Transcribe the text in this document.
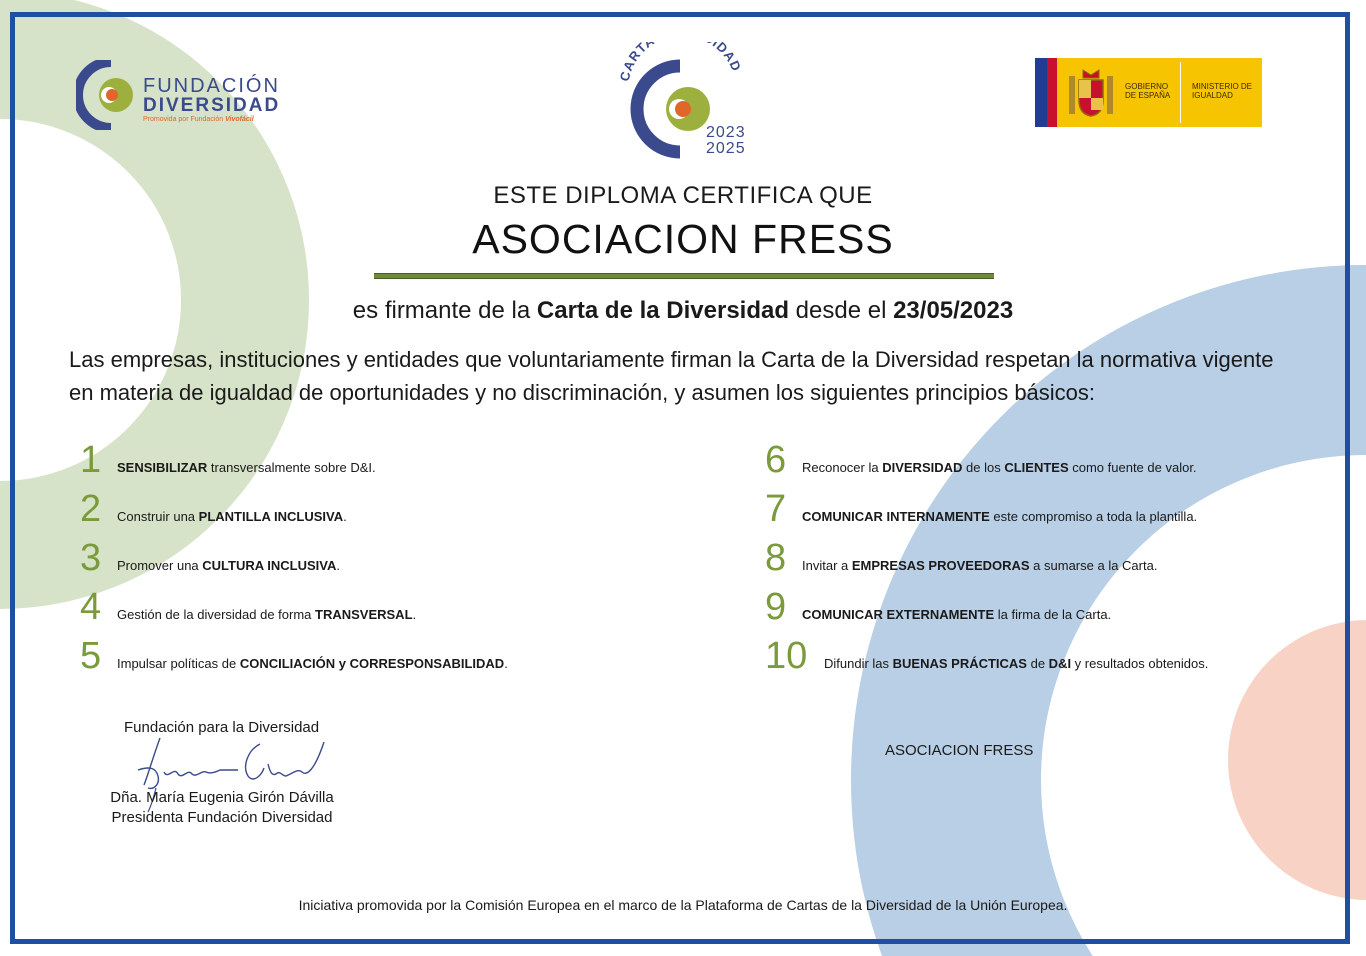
FUNDACIÓN
DIVERSIDAD
Promovida por Fundación Vivofácil
CART IDAD
2023
2025
GOBIERNO DE ESPAÑA
MINISTERIO DE IGUALDAD
ESTE DIPLOMA CERTIFICA QUE
ASOCIACION FRESS
es firmante de la Carta de la Diversidad desde el 23/05/2023
Las empresas, instituciones y entidades que voluntariamente firman la Carta de la Diversidad respetan la normativa vigente en materia de igualdad de oportunidades y no discriminación, y asumen los siguientes principios básicos:
1 SENSIBILIZAR transversalmente sobre D&I.
2 Construir una PLANTILLA INCLUSIVA.
3 Promover una CULTURA INCLUSIVA.
4 Gestión de la diversidad de forma TRANSVERSAL.
5 Impulsar políticas de CONCILIACIÓN y CORRESPONSABILIDAD.
6 Reconocer la DIVERSIDAD de los CLIENTES como fuente de valor.
7 COMUNICAR INTERNAMENTE este compromiso a toda la plantilla.
8 Invitar a EMPRESAS PROVEEDORAS a sumarse a la Carta.
9 COMUNICAR EXTERNAMENTE la firma de la Carta.
10 Difundir las BUENAS PRÁCTICAS de D&I y resultados obtenidos.
Fundación para la Diversidad
Dña. María Eugenia Girón Dávilla
Presidenta Fundación Diversidad
ASOCIACION FRESS
Iniciativa promovida por la Comisión Europea en el marco de la Plataforma de Cartas de la Diversidad de la Unión Europea.
